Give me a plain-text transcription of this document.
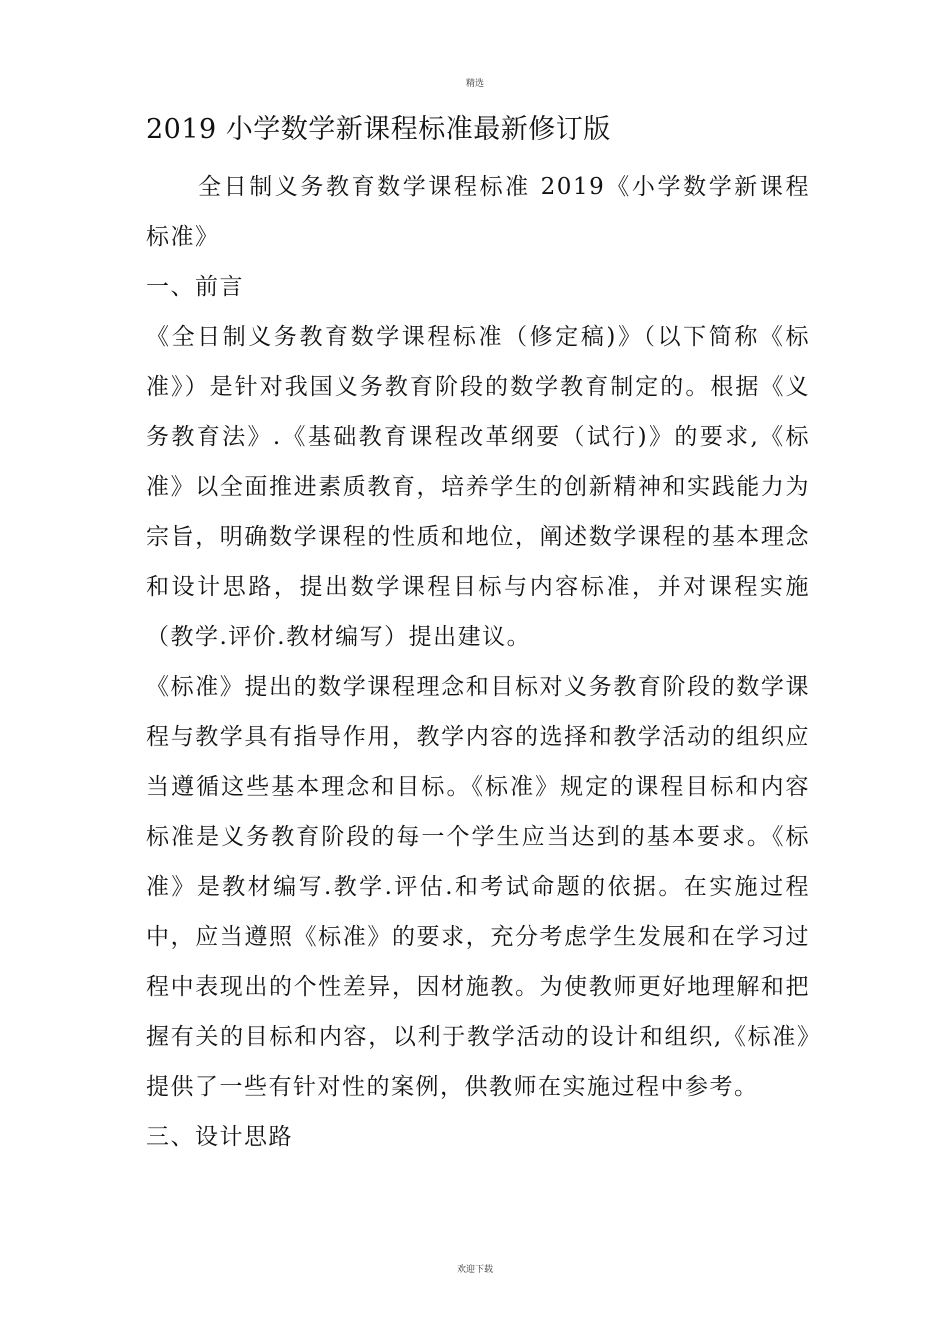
精选
2019 小学数学新课程标准最新修订版

全日制义务教育数学课程标准 2019《小学数学新课程标准》

一、前言

《全日制义务教育数学课程标准（修定稿)》（以下简称《标准》）是针对我国义务教育阶段的数学教育制定的。根据《义务教育法》.《基础教育课程改革纲要（试行)》的要求,《标准》以全面推进素质教育，培养学生的创新精神和实践能力为宗旨，明确数学课程的性质和地位，阐述数学课程的基本理念和设计思路，提出数学课程目标与内容标准，并对课程实施（教学.评价.教材编写）提出建议。

《标准》提出的数学课程理念和目标对义务教育阶段的数学课程与教学具有指导作用，教学内容的选择和教学活动的组织应当遵循这些基本理念和目标。《标准》规定的课程目标和内容标准是义务教育阶段的每一个学生应当达到的基本要求。《标准》是教材编写.教学.评估.和考试命题的依据。在实施过程中，应当遵照《标准》的要求，充分考虑学生发展和在学习过程中表现出的个性差异，因材施教。为使教师更好地理解和把握有关的目标和内容，以利于教学活动的设计和组织,《标准》提供了一些有针对性的案例，供教师在实施过程中参考。

三、设计思路

欢迎下载
